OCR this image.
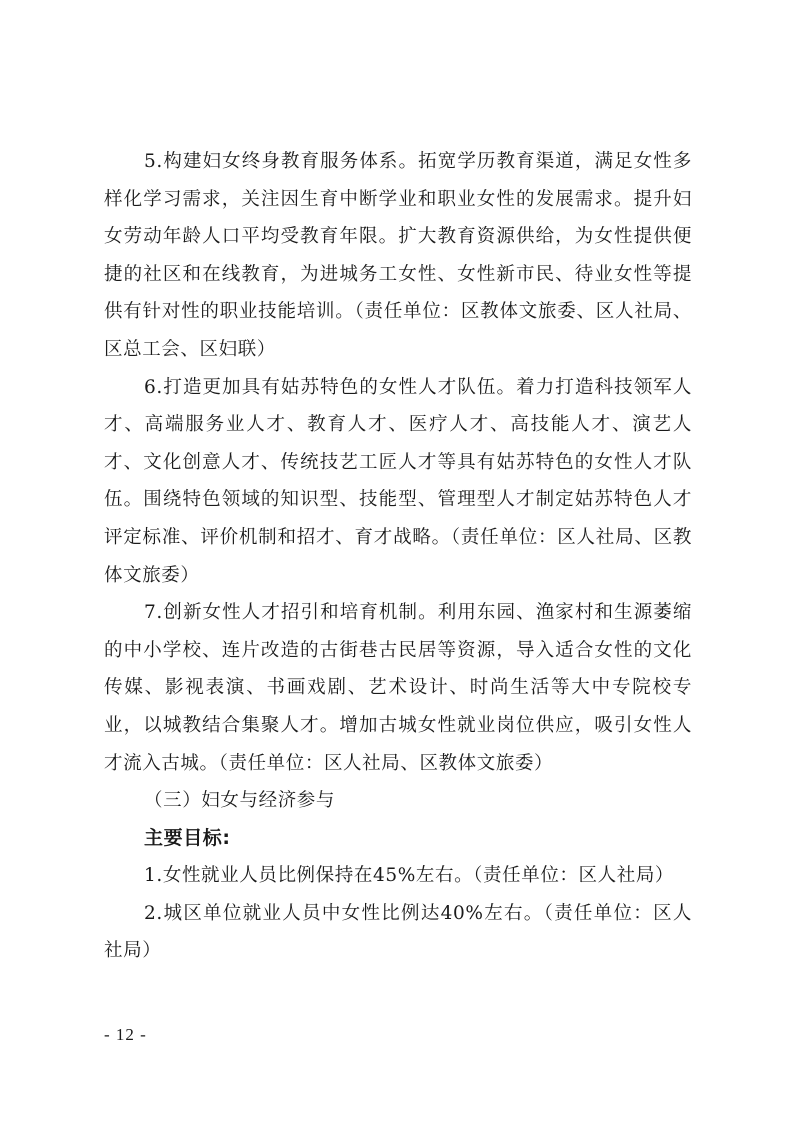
5.构建妇女终身教育服务体系。拓宽学历教育渠道，满足女性多样化学习需求，关注因生育中断学业和职业女性的发展需求。提升妇女劳动年龄人口平均受教育年限。扩大教育资源供给，为女性提供便捷的社区和在线教育，为进城务工女性、女性新市民、待业女性等提供有针对性的职业技能培训。（责任单位：区教体文旅委、区人社局、区总工会、区妇联）

6.打造更加具有姑苏特色的女性人才队伍。着力打造科技领军人才、高端服务业人才、教育人才、医疗人才、高技能人才、演艺人才、文化创意人才、传统技艺工匠人才等具有姑苏特色的女性人才队伍。围绕特色领域的知识型、技能型、管理型人才制定姑苏特色人才评定标准、评价机制和招才、育才战略。（责任单位：区人社局、区教体文旅委）

7.创新女性人才招引和培育机制。利用东园、渔家村和生源萎缩的中小学校、连片改造的古街巷古民居等资源，导入适合女性的文化传媒、影视表演、书画戏剧、艺术设计、时尚生活等大中专院校专业，以城教结合集聚人才。增加古城女性就业岗位供应，吸引女性人才流入古城。（责任单位：区人社局、区教体文旅委）

（三）妇女与经济参与

主要目标:

1.女性就业人员比例保持在45%左右。（责任单位：区人社局）

2.城区单位就业人员中女性比例达40%左右。（责任单位：区人社局）

- 12 -
